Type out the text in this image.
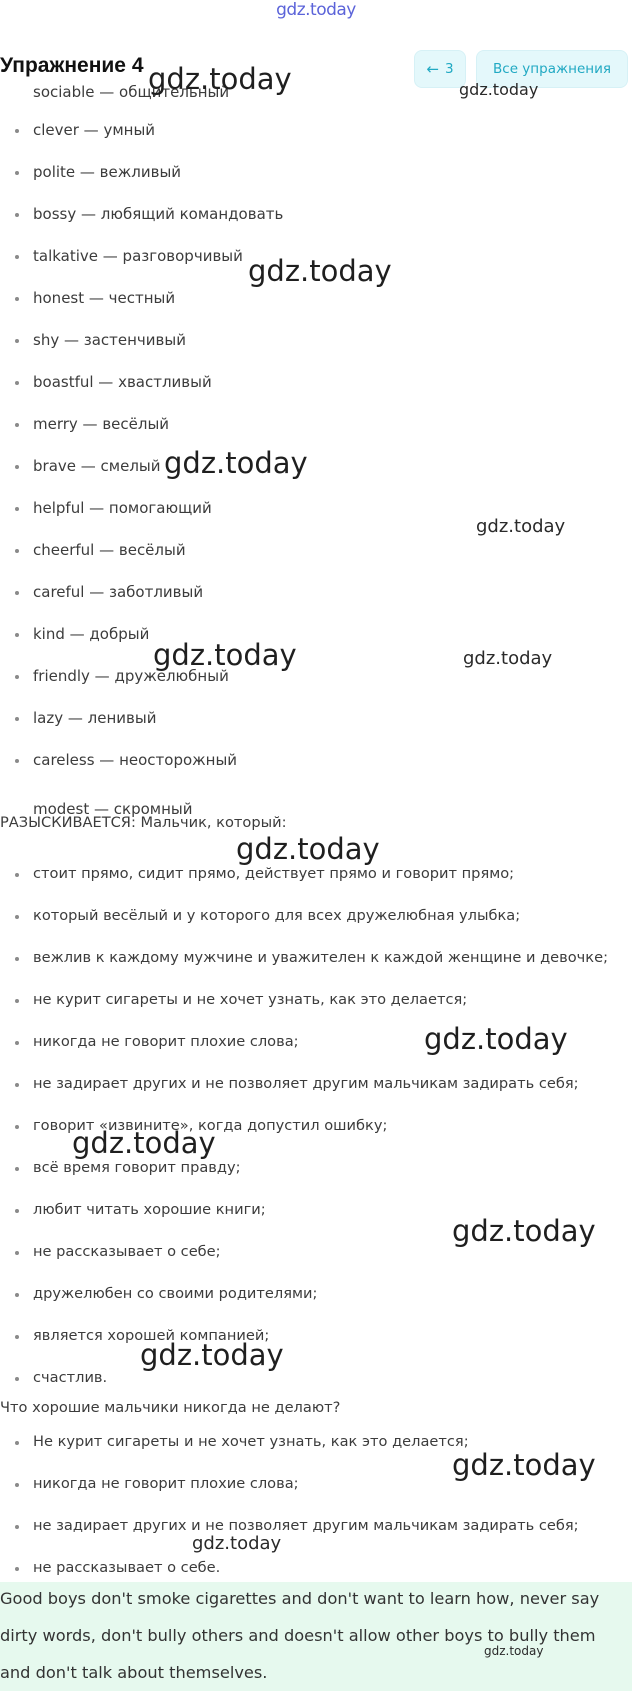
gdz.today
Упражнение 4	← 3	Все упражнения
sociable — общительный
clever — умный
polite — вежливый
bossy — любящий командовать
talkative — разговорчивый
honest — честный
shy — застенчивый
boastful — хвастливый
merry — весёлый
brave — смелый
helpful — помогающий
cheerful — весёлый
careful — заботливый
kind — добрый
friendly — дружелюбный
lazy — ленивый
careless — неосторожный
modest — скромный

РАЗЫСКИВАЕТСЯ: Мальчик, который:

стоит прямо, сидит прямо, действует прямо и говорит прямо;
который весёлый и у которого для всех дружелюбная улыбка;
вежлив к каждому мужчине и уважителен к каждой женщине и девочке;
не курит сигареты и не хочет узнать, как это делается;
никогда не говорит плохие слова;
не задирает других и не позволяет другим мальчикам задирать себя;
говорит «извините», когда допустил ошибку;
всё время говорит правду;
любит читать хорошие книги;
не рассказывает о себе;
дружелюбен со своими родителями;
является хорошей компанией;
счастлив.

Что хорошие мальчики никогда не делают?

Не курит сигареты и не хочет узнать, как это делается;
никогда не говорит плохие слова;
не задирает других и не позволяет другим мальчикам задирать себя;
не рассказывает о себе.

Good boys don't smoke cigarettes and don't want to learn how, never say

dirty words, don't bully others and doesn't allow other boys to bully them

and don't talk about themselves.

gdz.today	gdz.today
gdz.today
gdz.today
gdz.today
gdz.today	gdz.today
gdz.today
gdz.today
gdz.today
gdz.today
gdz.today
gdz.today
gdz.today
gdz.today
